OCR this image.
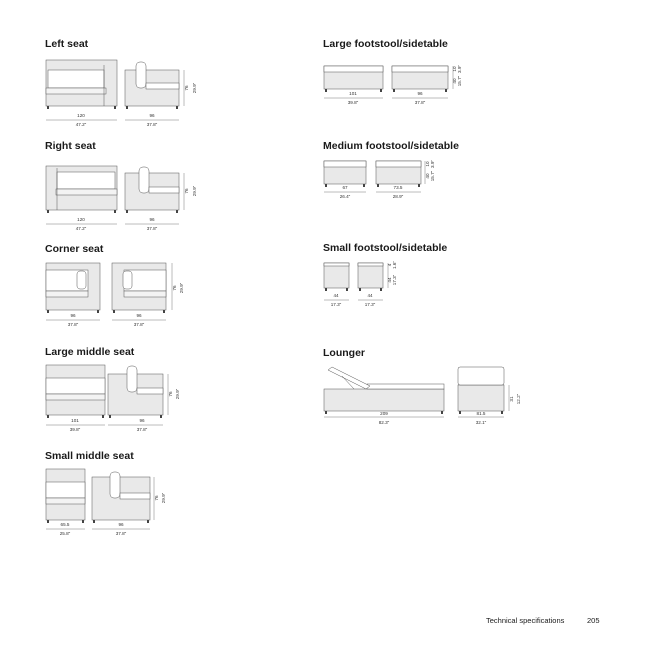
Left seat
120
47.2"
96
37.8"
76 29.9"
Right seat
120
47.2"
96
37.8"
76 29.9"
Corner seat
96
37.8"
96
37.8"
76 29.9"
Large middle seat
101
39.8"
96
37.8"
76 29.9"
Small middle seat
65.5
25.8"
96
37.8"
76 29.9"
Large footstool/sidetable
101
39.8"
96
37.8"
40 15.7"
10 3.9"
Medium footstool/sidetable
67
26.4"
73.5
28.9"
40 15.7"
10 3.9"
Small footstool/sidetable
44
17.3"
44
17.3"
44 17.3"
4 1.6"
Lounger
209
82.3"
81.5
32.1"
31 12.2"
Technical specifications	205
